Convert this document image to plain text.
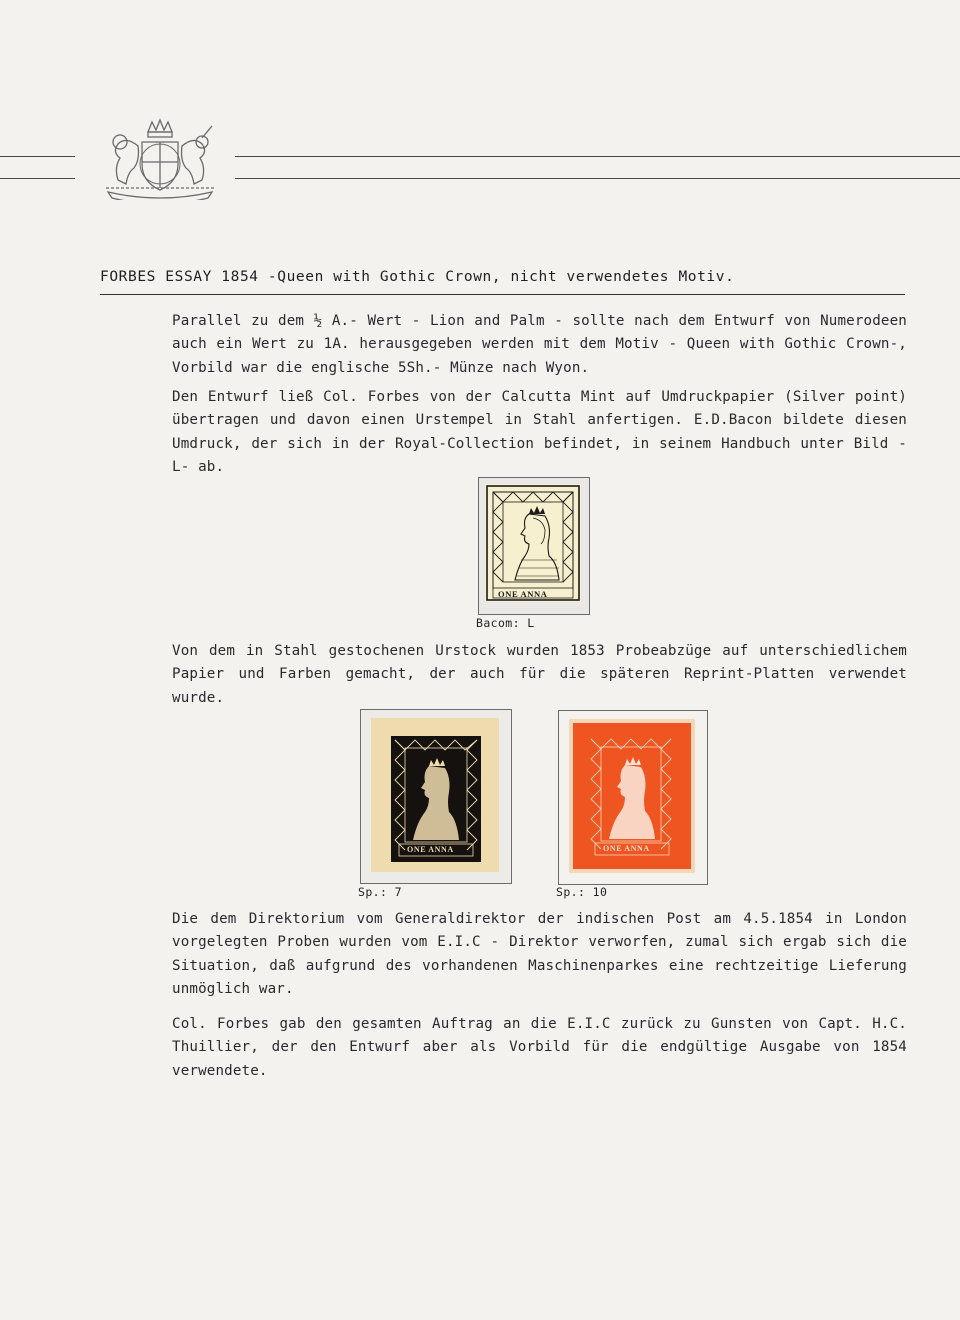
FORBES ESSAY 1854 -Queen with Gothic Crown, nicht verwendetes Motiv.

Parallel zu dem ½ A.- Wert - Lion and Palm - sollte nach dem Entwurf von Numerodeen auch ein Wert zu 1A. herausgegeben werden mit dem Motiv - Queen with Gothic Crown-, Vorbild war die englische 5Sh.- Münze nach Wyon.

Den Entwurf ließ Col. Forbes von der Calcutta Mint auf Umdruckpapier (Silver point) übertragen und davon einen Urstempel in Stahl anfertigen. E.D.Bacon bildete diesen Umdruck, der sich in der Royal-Collection befindet, in seinem Handbuch unter Bild -L- ab.

ONE ANNA
Bacom: L

Von dem in Stahl gestochenen Urstock wurden 1853 Probeabzüge auf unterschiedlichem Papier und Farben gemacht, der auch für die späteren Reprint-Platten verwendet wurde.

ONE ANNA
Sp.: 7
ONE ANNA
Sp.: 10

Die dem Direktorium vom Generaldirektor der indischen Post am 4.5.1854 in London vorgelegten Proben wurden vom E.I.C - Direktor verworfen, zumal sich ergab sich die Situation, daß aufgrund des vorhandenen Maschinenparkes eine rechtzeitige Lieferung unmöglich war.

Col. Forbes gab den gesamten Auftrag an die E.I.C zurück zu Gunsten von Capt. H.C. Thuillier, der den Entwurf aber als Vorbild für die endgültige Ausgabe von 1854 verwendete.
